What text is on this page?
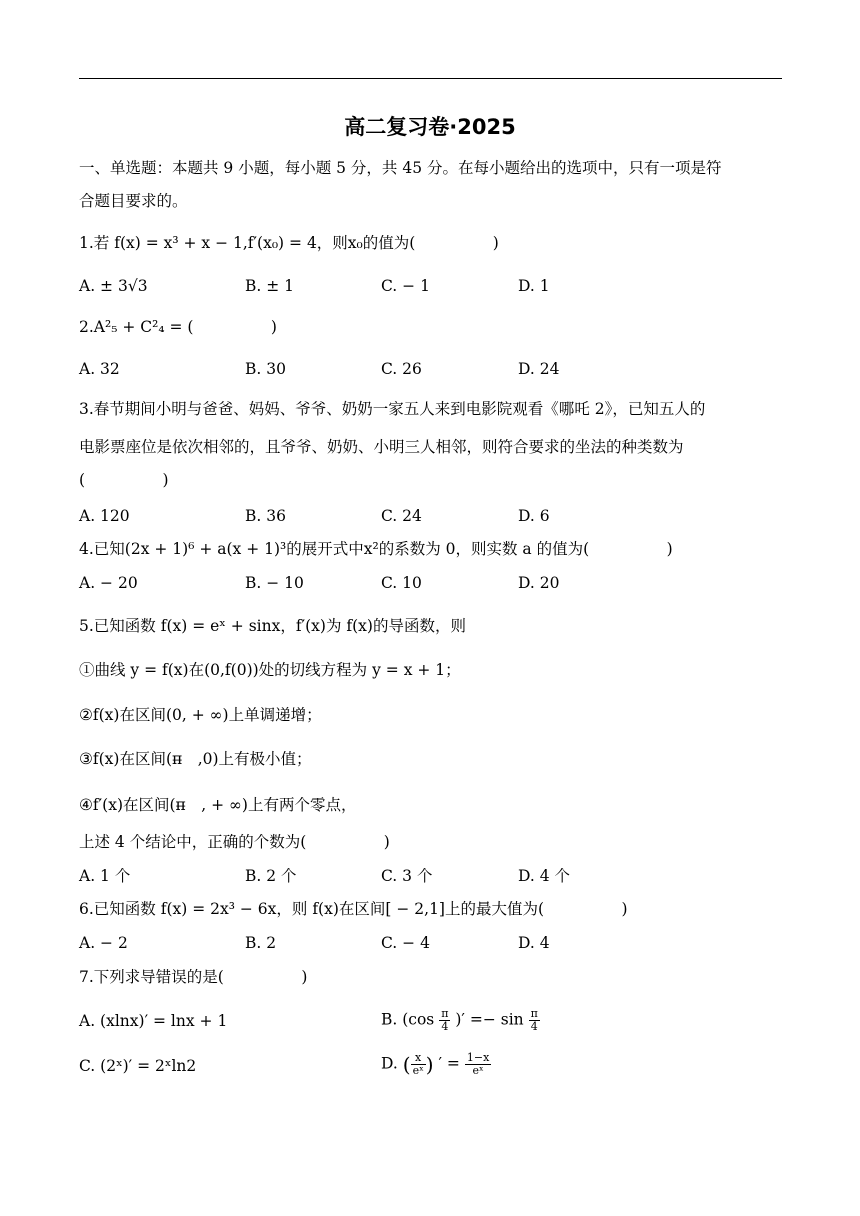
高二复习卷·2025
一、单选题：本题共 9 小题，每小题 5 分，共 45 分。在每小题给出的选项中，只有一项是符
合题目要求的。
1.若 f(x) = x³ + x − 1,f′(x₀) = 4，则x₀的值为(　　　　　)
A. ± 3√3	B. ± 1	C. − 1	D. 1
2.A²₅ + C²₄ = (　　　　　)
A. 32	B. 30	C. 26	D. 24
3.春节期间小明与爸爸、妈妈、爷爷、奶奶一家五人来到电影院观看《哪吒 2》，已知五人的
电影票座位是依次相邻的，且爷爷、奶奶、小明三人相邻，则符合要求的坐法的种类数为
(　　　　　)
A. 120	B. 36	C. 24	D. 6
4.已知(2x + 1)⁶ + a(x + 1)³的展开式中x²的系数为 0，则实数 a 的值为(　　　　　)
A. − 20	B. − 10	C. 10	D. 20
5.已知函数 f(x) = eˣ + sinx，f′(x)为 f(x)的导函数，则
①曲线 y = f(x)在(0,f(0))处的切线方程为 y = x + 1；
②f(x)在区间(0, + ∞)上单调递增；
③f(x)在区间(π̶　,0)上有极小值；
④f′(x)在区间(π̶　, + ∞)上有两个零点，
上述 4 个结论中，正确的个数为(　　　　　)
A. 1 个	B. 2 个	C. 3 个	D. 4 个
6.已知函数 f(x) = 2x³ − 6x，则 f(x)在区间[ − 2,1]上的最大值为(　　　　　)
A. − 2	B. 2	C. − 4	D. 4
7.下列求导错误的是(　　　　　)
A. (xlnx)′ = lnx + 1	B. ($\cos \frac{\pi}{4}$ )′ =− $\sin \frac{\pi}{4}$
C. (2ˣ)′ = 2ˣln2	D. ( $\frac{x}{\text{eˣ}}$ ) ′ = $\frac{1-x}{\text{eˣ}}$
